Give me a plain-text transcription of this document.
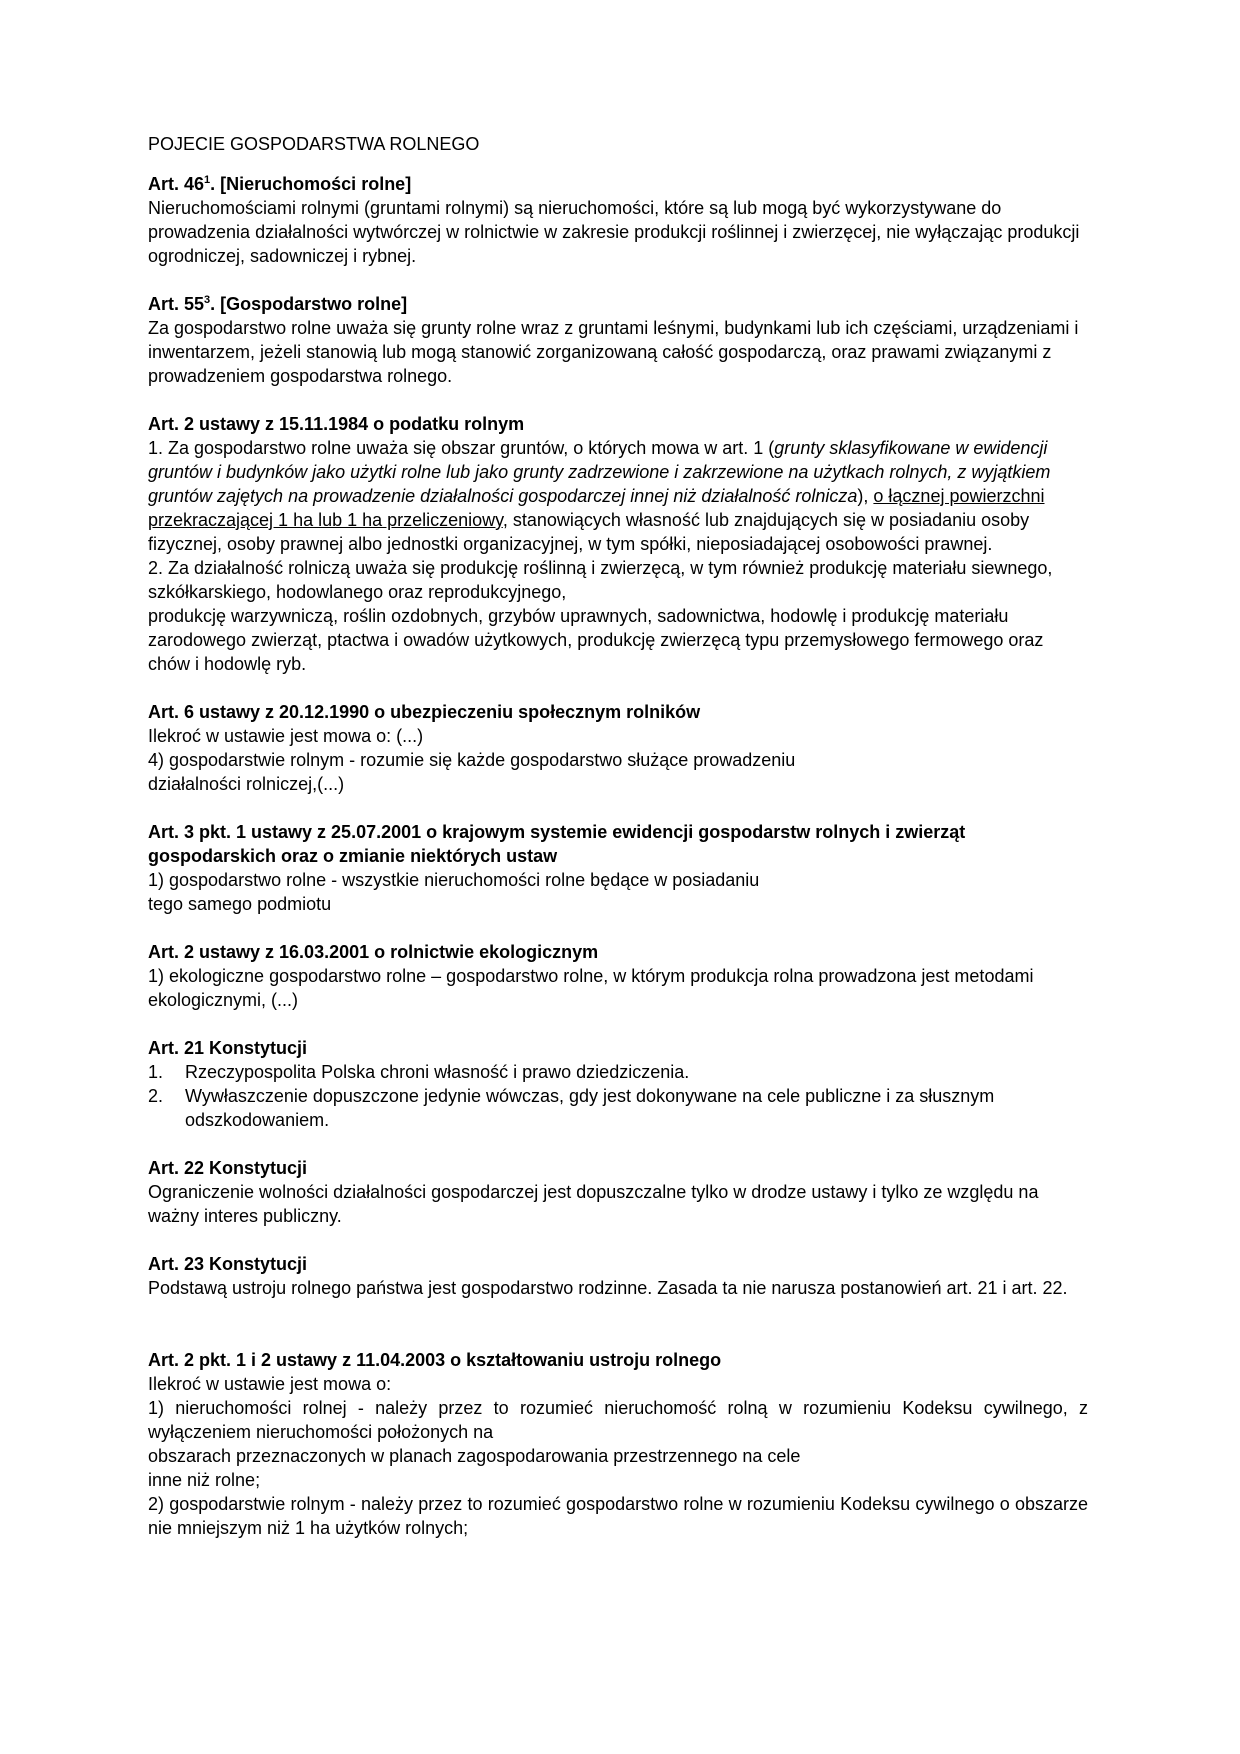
POJECIE GOSPODARSTWA ROLNEGO

Art. $46^1$. [Nieruchomości rolne]

Nieruchomościami rolnymi (gruntami rolnymi) są nieruchomości, które są lub mogą być wykorzystywane do prowadzenia działalności wytwórczej w rolnictwie w zakresie produkcji roślinnej i zwierzęcej, nie wyłączając produkcji ogrodniczej, sadowniczej i rybnej.

Art. $55^3$. [Gospodarstwo rolne]

Za gospodarstwo rolne uważa się grunty rolne wraz z gruntami leśnymi, budynkami lub ich częściami, urządzeniami i inwentarzem, jeżeli stanowią lub mogą stanowić zorganizowaną całość gospodarczą, oraz prawami związanymi z prowadzeniem gospodarstwa rolnego.

Art. 2 ustawy z 15.11.1984 o podatku rolnym

1. Za gospodarstwo rolne uważa się obszar gruntów, o których mowa w art. 1 (grunty sklasyfikowane w ewidencji gruntów i budynków jako użytki rolne lub jako grunty zadrzewione i zakrzewione na użytkach rolnych, z wyjątkiem gruntów zajętych na prowadzenie działalności gospodarczej innej niż działalność rolnicza), o łącznej powierzchni przekraczającej 1 ha lub 1 ha przeliczeniowy, stanowiących własność lub znajdujących się w posiadaniu osoby fizycznej, osoby prawnej albo jednostki organizacyjnej, w tym spółki, nieposiadającej osobowości prawnej.

2. Za działalność rolniczą uważa się produkcję roślinną i zwierzęcą, w tym również produkcję materiału siewnego, szkółkarskiego, hodowlanego oraz reprodukcyjnego,

produkcję warzywniczą, roślin ozdobnych, grzybów uprawnych, sadownictwa, hodowlę i produkcję materiału zarodowego zwierząt, ptactwa i owadów użytkowych, produkcję zwierzęcą typu przemysłowego fermowego oraz chów i hodowlę ryb.

Art. 6 ustawy z 20.12.1990 o ubezpieczeniu społecznym rolników

Ilekroć w ustawie jest mowa o: (...)

4) gospodarstwie rolnym - rozumie się każde gospodarstwo służące prowadzeniu

działalności rolniczej,(...)

Art. 3 pkt. 1 ustawy z 25.07.2001 o krajowym systemie ewidencji gospodarstw rolnych i zwierząt gospodarskich oraz o zmianie niektórych ustaw

1) gospodarstwo rolne - wszystkie nieruchomości rolne będące w posiadaniu

tego samego podmiotu

Art. 2 ustawy z 16.03.2001 o rolnictwie ekologicznym

1) ekologiczne gospodarstwo rolne – gospodarstwo rolne, w którym produkcja rolna prowadzona jest metodami ekologicznymi, (...)

Art. 21 Konstytucji

1. Rzeczypospolita Polska chroni własność i prawo dziedziczenia.
2. Wywłaszczenie dopuszczone jedynie wówczas, gdy jest dokonywane na cele publiczne i za słusznym odszkodowaniem.

Art. 22 Konstytucji

Ograniczenie wolności działalności gospodarczej jest dopuszczalne tylko w drodze ustawy i tylko ze względu na ważny interes publiczny.

Art. 23 Konstytucji

Podstawą ustroju rolnego państwa jest gospodarstwo rodzinne. Zasada ta nie narusza postanowień art. 21 i art. 22.

Art. 2 pkt. 1 i 2 ustawy z 11.04.2003 o kształtowaniu ustroju rolnego

Ilekroć w ustawie jest mowa o:

1) nieruchomości rolnej - należy przez to rozumieć nieruchomość rolną w rozumieniu Kodeksu cywilnego, z wyłączeniem nieruchomości położonych na

obszarach przeznaczonych w planach zagospodarowania przestrzennego na cele

inne niż rolne;

2) gospodarstwie rolnym - należy przez to rozumieć gospodarstwo rolne w rozumieniu Kodeksu cywilnego o obszarze nie mniejszym niż 1 ha użytków rolnych;
